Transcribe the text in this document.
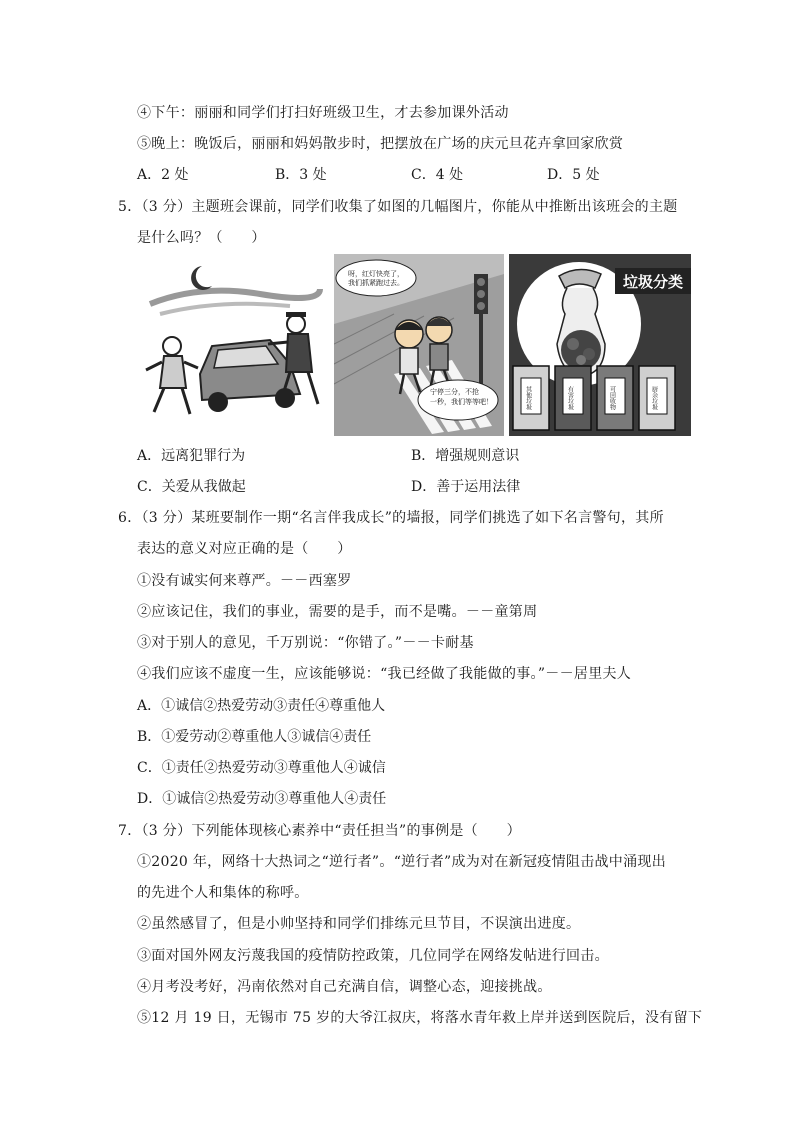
④下午：丽丽和同学们打扫好班级卫生，才去参加课外活动
⑤晚上：晚饭后，丽丽和妈妈散步时，把摆放在广场的庆元旦花卉拿回家欣赏
A．2 处	B．3 处	C．4 处	D．5 处
5．（3 分）主题班会课前，同学们收集了如图的几幅图片，你能从中推断出该班会的主题
是什么吗？（　　）
呀，红灯快亮了，
我们抓紧跑过去。
宁停三分，不抢
一秒，我们等等吧！
垃圾分类
其他垃圾	有害垃圾	可回收物	厨余垃圾
A．远离犯罪行为	B．增强规则意识
C．关爱从我做起	D．善于运用法律
6．（3 分）某班要制作一期“名言伴我成长”的墙报，同学们挑选了如下名言警句，其所
表达的意义对应正确的是（　　）
①没有诚实何来尊严。－－西塞罗
②应该记住，我们的事业，需要的是手，而不是嘴。－－童第周
③对于别人的意见，千万别说：“你错了。”－－卡耐基
④我们应该不虚度一生，应该能够说：“我已经做了我能做的事。”－－居里夫人
A．①诚信②热爱劳动③责任④尊重他人
B．①爱劳动②尊重他人③诚信④责任
C．①责任②热爱劳动③尊重他人④诚信
D．①诚信②热爱劳动③尊重他人④责任
7．（3 分）下列能体现核心素养中“责任担当”的事例是（　　）
①2020 年，网络十大热词之“逆行者”。“逆行者”成为对在新冠疫情阻击战中涌现出
的先进个人和集体的称呼。
②虽然感冒了，但是小帅坚持和同学们排练元旦节目，不误演出进度。
③面对国外网友污蔑我国的疫情防控政策，几位同学在网络发帖进行回击。
④月考没考好，冯南依然对自己充满自信，调整心态，迎接挑战。
⑤12 月 19 日，无锡市 75 岁的大爷江叔庆，将落水青年救上岸并送到医院后，没有留下
